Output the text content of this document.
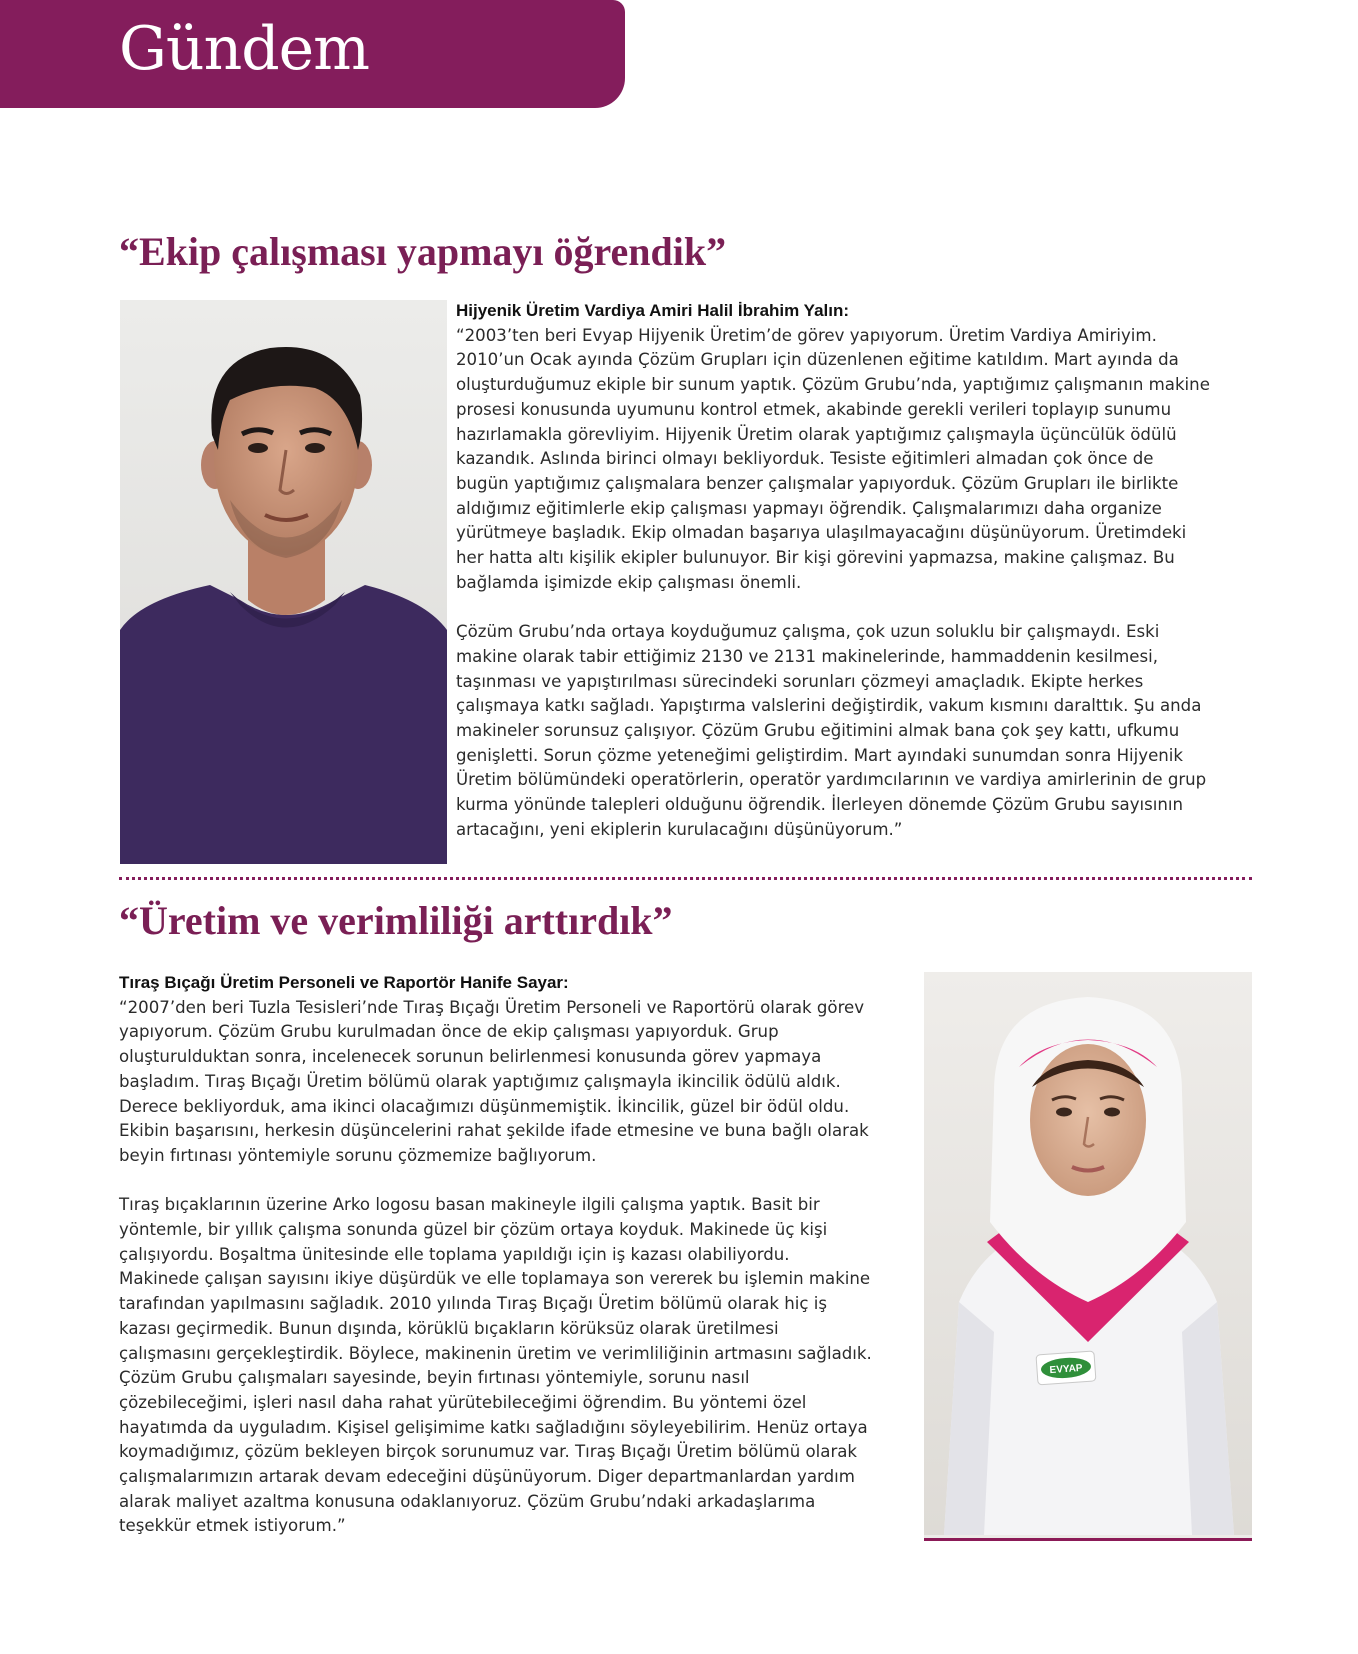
Gündem
“Ekip çalışması yapmayı öğrendik”
Hijyenik Üretim Vardiya Amiri Halil İbrahim Yalın:

“2003’ten beri Evyap Hijyenik Üretim’de görev yapıyorum. Üretim Vardiya Amiriyim.
2010’un Ocak ayında Çözüm Grupları için düzenlenen eğitime katıldım. Mart ayında da
oluşturduğumuz ekiple bir sunum yaptık. Çözüm Grubu’nda, yaptığımız çalışmanın makine
prosesi konusunda uyumunu kontrol etmek, akabinde gerekli verileri toplayıp sunumu
hazırlamakla görevliyim. Hijyenik Üretim olarak yaptığımız çalışmayla üçüncülük ödülü
kazandık. Aslında birinci olmayı bekliyorduk. Tesiste eğitimleri almadan çok önce de
bugün yaptığımız çalışmalara benzer çalışmalar yapıyorduk. Çözüm Grupları ile birlikte
aldığımız eğitimlerle ekip çalışması yapmayı öğrendik. Çalışmalarımızı daha organize
yürütmeye başladık. Ekip olmadan başarıya ulaşılmayacağını düşünüyorum. Üretimdeki
her hatta altı kişilik ekipler bulunuyor. Bir kişi görevini yapmazsa, makine çalışmaz. Bu
bağlamda işimizde ekip çalışması önemli.

Çözüm Grubu’nda ortaya koyduğumuz çalışma, çok uzun soluklu bir çalışmaydı. Eski
makine olarak tabir ettiğimiz 2130 ve 2131 makinelerinde, hammaddenin kesilmesi,
taşınması ve yapıştırılması sürecindeki sorunları çözmeyi amaçladık. Ekipte herkes
çalışmaya katkı sağladı. Yapıştırma valslerini değiştirdik, vakum kısmını daralttık. Şu anda
makineler sorunsuz çalışıyor. Çözüm Grubu eğitimini almak bana çok şey kattı, ufkumu
genişletti. Sorun çözme yeteneğimi geliştirdim. Mart ayındaki sunumdan sonra Hijyenik
Üretim bölümündeki operatörlerin, operatör yardımcılarının ve vardiya amirlerinin de grup
kurma yönünde talepleri olduğunu öğrendik. İlerleyen dönemde Çözüm Grubu sayısının
artacağını, yeni ekiplerin kurulacağını düşünüyorum.”

“Üretim ve verimliliği arttırdık”
Tıraş Bıçağı Üretim Personeli ve Raportör Hanife Sayar:

“2007’den beri Tuzla Tesisleri’nde Tıraş Bıçağı Üretim Personeli ve Raportörü olarak görev
yapıyorum. Çözüm Grubu kurulmadan önce de ekip çalışması yapıyorduk. Grup
oluşturulduktan sonra, incelenecek sorunun belirlenmesi konusunda görev yapmaya
başladım. Tıraş Bıçağı Üretim bölümü olarak yaptığımız çalışmayla ikincilik ödülü aldık.
Derece bekliyorduk, ama ikinci olacağımızı düşünmemiştik. İkincilik, güzel bir ödül oldu.
Ekibin başarısını, herkesin düşüncelerini rahat şekilde ifade etmesine ve buna bağlı olarak
beyin fırtınası yöntemiyle sorunu çözmemize bağlıyorum.

Tıraş bıçaklarının üzerine Arko logosu basan makineyle ilgili çalışma yaptık. Basit bir
yöntemle, bir yıllık çalışma sonunda güzel bir çözüm ortaya koyduk. Makinede üç kişi
çalışıyordu. Boşaltma ünitesinde elle toplama yapıldığı için iş kazası olabiliyordu.
Makinede çalışan sayısını ikiye düşürdük ve elle toplamaya son vererek bu işlemin makine
tarafından yapılmasını sağladık. 2010 yılında Tıraş Bıçağı Üretim bölümü olarak hiç iş
kazası geçirmedik. Bunun dışında, körüklü bıçakların körüksüz olarak üretilmesi
çalışmasını gerçekleştirdik. Böylece, makinenin üretim ve verimliliğinin artmasını sağladık.
Çözüm Grubu çalışmaları sayesinde, beyin fırtınası yöntemiyle, sorunu nasıl
çözebileceğimi, işleri nasıl daha rahat yürütebileceğimi öğrendim. Bu yöntemi özel
hayatımda da uyguladım. Kişisel gelişimime katkı sağladığını söyleyebilirim. Henüz ortaya
koymadığımız, çözüm bekleyen birçok sorunumuz var. Tıraş Bıçağı Üretim bölümü olarak
çalışmalarımızın artarak devam edeceğini düşünüyorum. Diger departmanlardan yardım
alarak maliyet azaltma konusuna odaklanıyoruz. Çözüm Grubu’ndaki arkadaşlarıma
teşekkür etmek istiyorum.”

EVYAP
